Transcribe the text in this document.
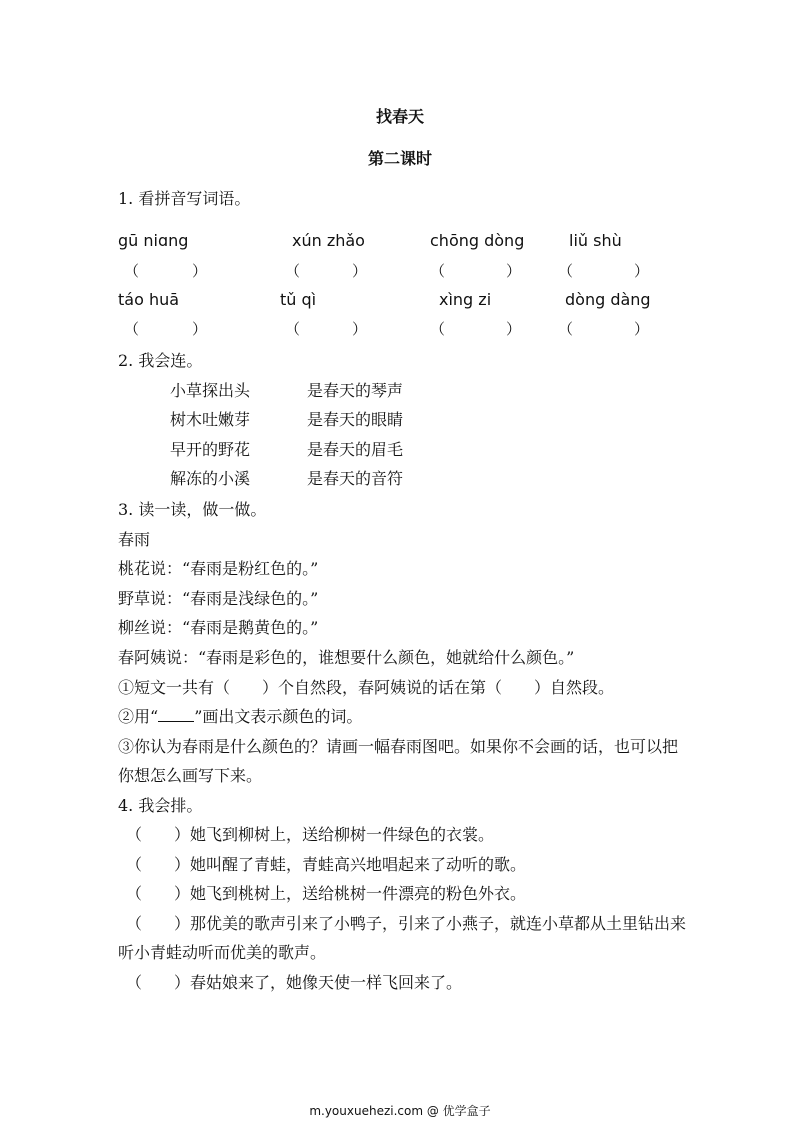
找春天
第二课时
1. 看拼音写词语。
gū niɑng	xún zhǎo	chōng dòng	liǔ shù
（	）	（	）	（	） （	）
táo huā	tǔ qì	xìng zi	dòng dàng
（	）	（	）	（	） （	）
2. 我会连。
小草探出头	是春天的琴声
树木吐嫩芽	是春天的眼睛
早开的野花	是春天的眉毛
解冻的小溪	是春天的音符
3. 读一读，做一做。
春雨
桃花说：“春雨是粉红色的。”
野草说：“春雨是浅绿色的。”
柳丝说：“春雨是鹅黄色的。”
春阿姨说：“春雨是彩色的，谁想要什么颜色，她就给什么颜色。”
①短文一共有（　　）个自然段，春阿姨说的话在第（　　）自然段。
②用“ ”画出文表示颜色的词。
③你认为春雨是什么颜色的？请画一幅春雨图吧。如果你不会画的话，也可以把
你想怎么画写下来。
4. 我会排。
（　　）她飞到柳树上，送给柳树一件绿色的衣裳。
（　　）她叫醒了青蛙，青蛙高兴地唱起来了动听的歌。
（　　）她飞到桃树上，送给桃树一件漂亮的粉色外衣。
（　　）那优美的歌声引来了小鸭子，引来了小燕子，就连小草都从土里钻出来
听小青蛙动听而优美的歌声。
（　　）春姑娘来了，她像天使一样飞回来了。
m.youxuehezi.com @ 优学盒子
